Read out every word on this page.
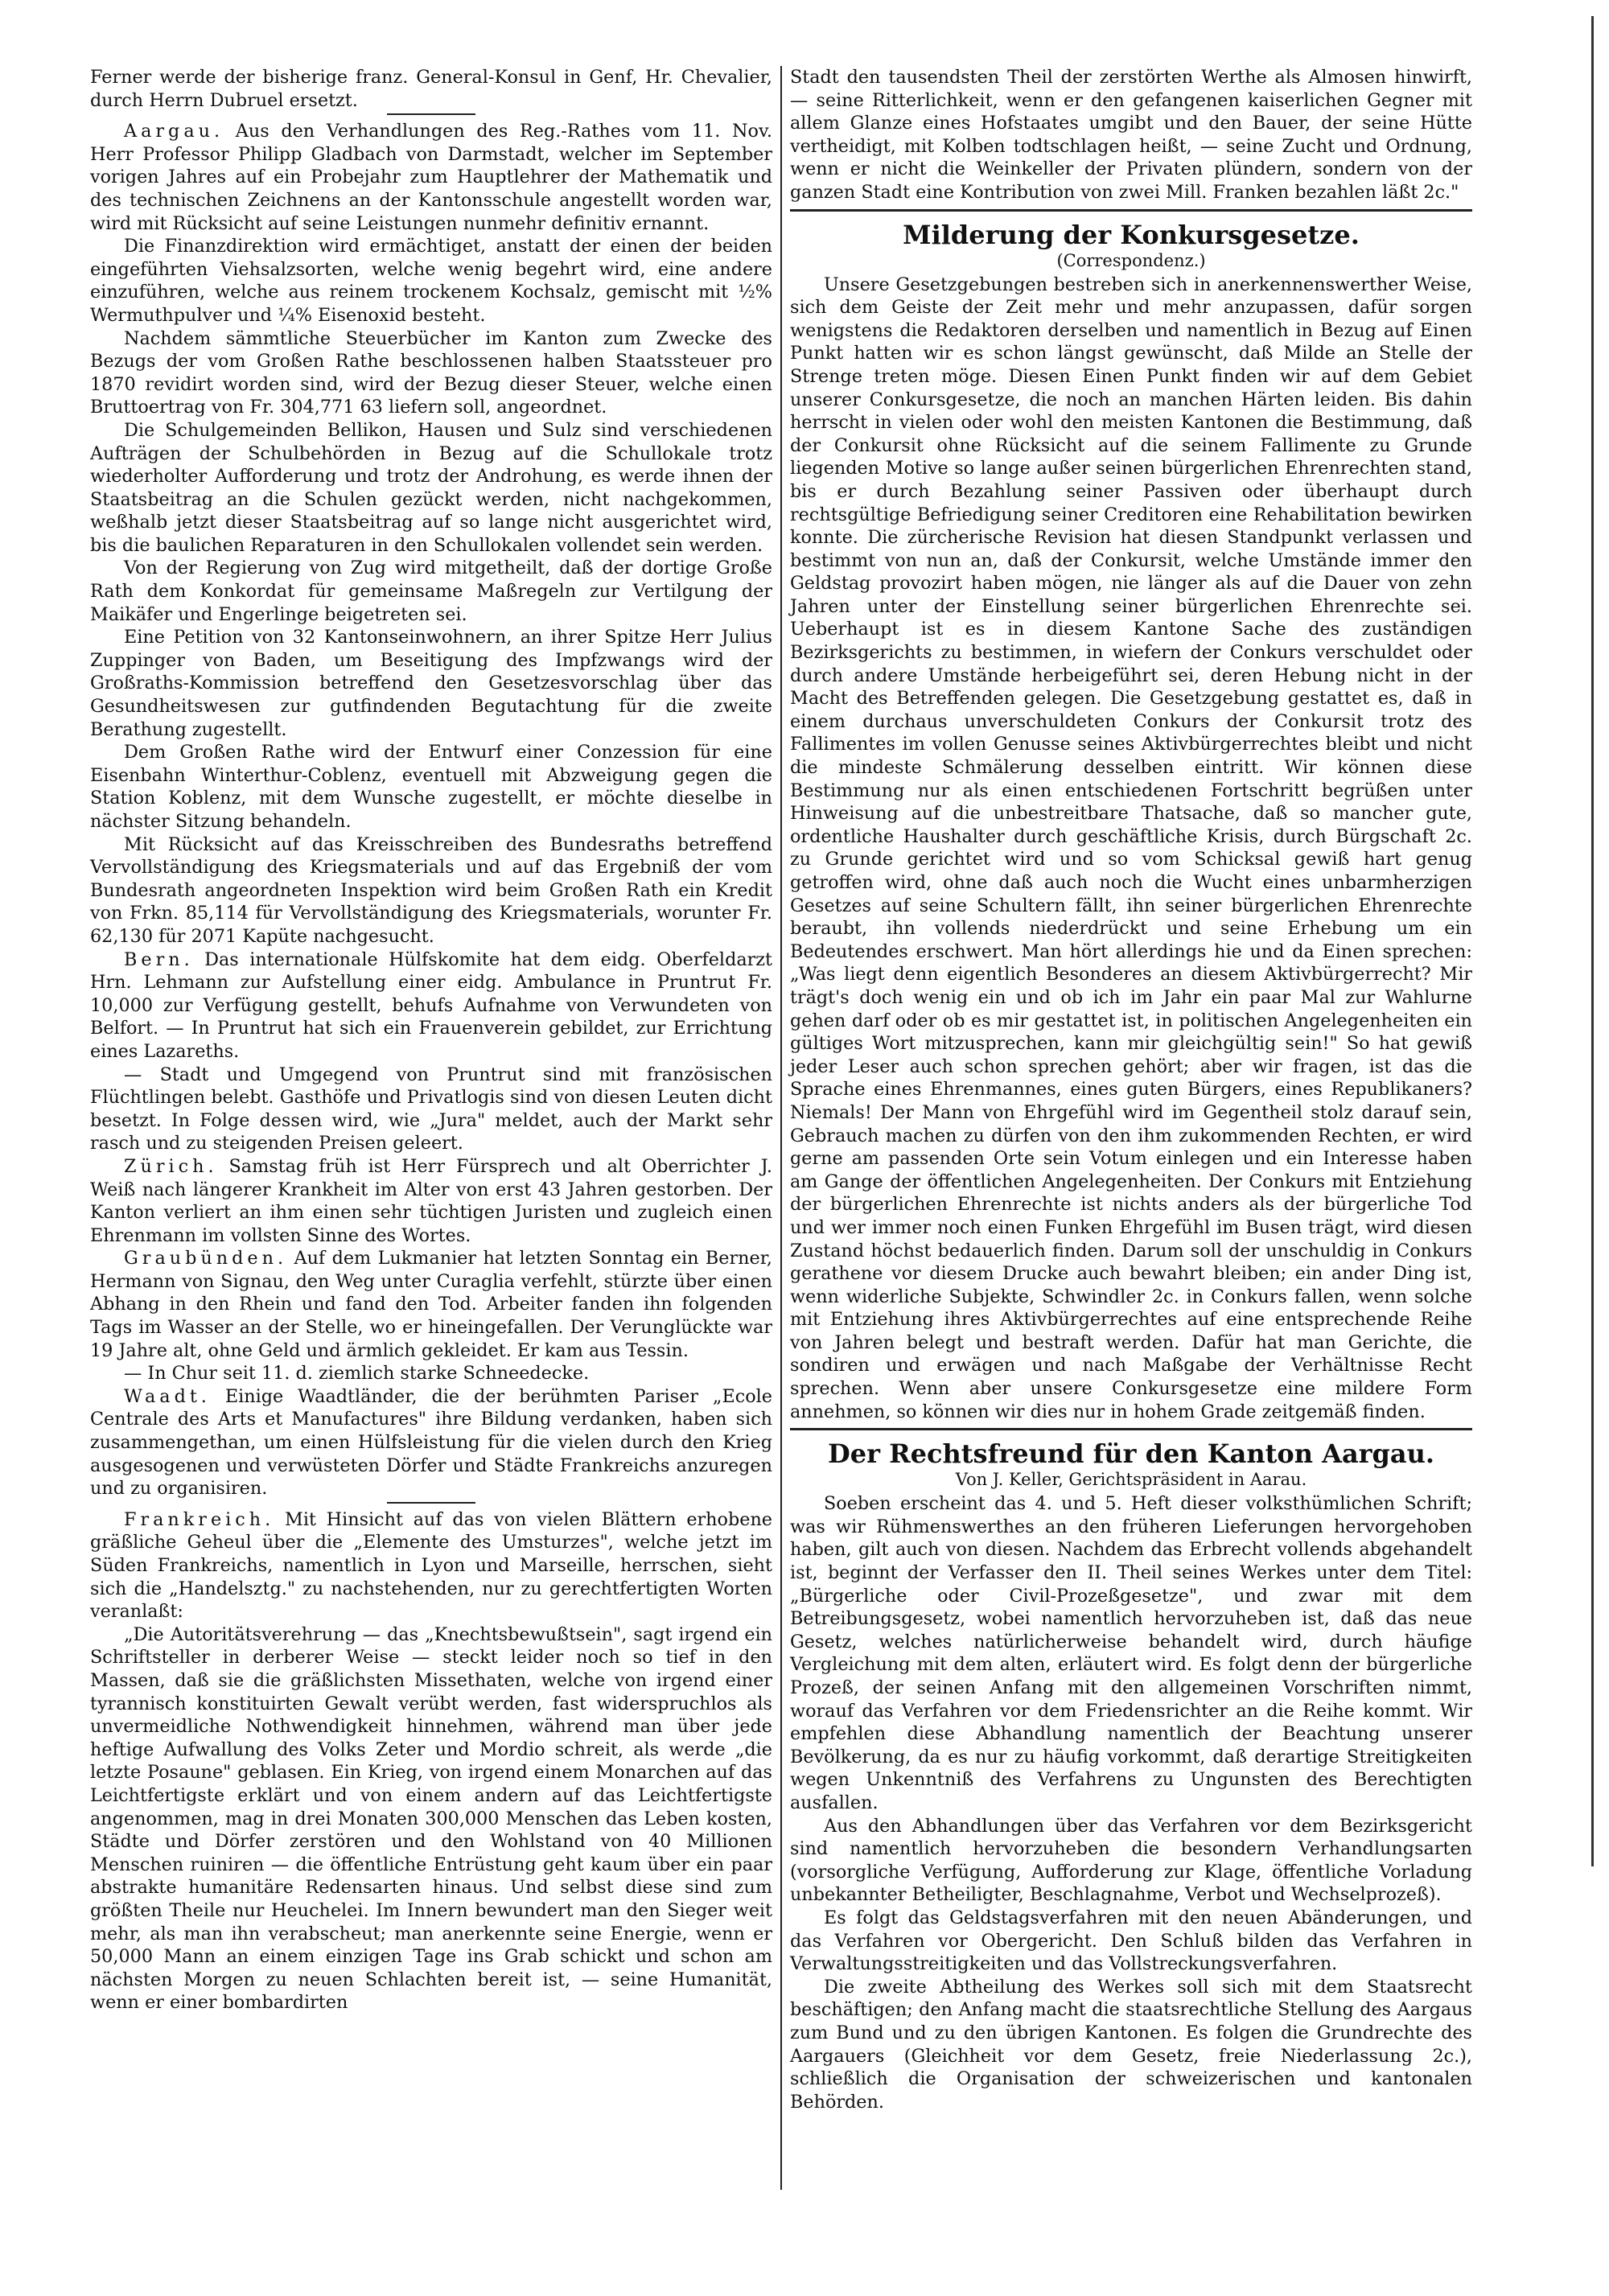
Ferner werde der bisherige franz. General-Konsul in Genf, Hr. Chevalier, durch Herrn Dubruel ersetzt.

Aargau. Aus den Verhandlungen des Reg.-Rathes vom 11. Nov. Herr Professor Philipp Gladbach von Darmstadt, welcher im September vorigen Jahres auf ein Probejahr zum Hauptlehrer der Mathematik und des technischen Zeichnens an der Kantonsschule angestellt worden war, wird mit Rücksicht auf seine Leistungen nunmehr definitiv ernannt.

Die Finanzdirektion wird ermächtiget, anstatt der einen der beiden eingeführten Viehsalzsorten, welche wenig begehrt wird, eine andere einzuführen, welche aus reinem trockenem Kochsalz, gemischt mit ½% Wermuthpulver und ¼% Eisenoxid besteht.

Nachdem sämmtliche Steuerbücher im Kanton zum Zwecke des Bezugs der vom Großen Rathe beschlossenen halben Staatssteuer pro 1870 revidirt worden sind, wird der Bezug dieser Steuer, welche einen Bruttoertrag von Fr. 304,771 63 liefern soll, angeordnet.

Die Schulgemeinden Bellikon, Hausen und Sulz sind verschiedenen Aufträgen der Schulbehörden in Bezug auf die Schullokale trotz wiederholter Aufforderung und trotz der Androhung, es werde ihnen der Staatsbeitrag an die Schulen gezückt werden, nicht nachgekommen, weßhalb jetzt dieser Staatsbeitrag auf so lange nicht ausgerichtet wird, bis die baulichen Reparaturen in den Schullokalen vollendet sein werden.

Von der Regierung von Zug wird mitgetheilt, daß der dortige Große Rath dem Konkordat für gemeinsame Maßregeln zur Vertilgung der Maikäfer und Engerlinge beigetreten sei.

Eine Petition von 32 Kantonseinwohnern, an ihrer Spitze Herr Julius Zuppinger von Baden, um Beseitigung des Impfzwangs wird der Großraths-Kommission betreffend den Gesetzesvorschlag über das Gesundheitswesen zur gutfindenden Begutachtung für die zweite Berathung zugestellt.

Dem Großen Rathe wird der Entwurf einer Conzession für eine Eisenbahn Winterthur-Coblenz, eventuell mit Abzweigung gegen die Station Koblenz, mit dem Wunsche zugestellt, er möchte dieselbe in nächster Sitzung behandeln.

Mit Rücksicht auf das Kreisschreiben des Bundesraths betreffend Vervollständigung des Kriegsmaterials und auf das Ergebniß der vom Bundesrath angeordneten Inspektion wird beim Großen Rath ein Kredit von Frkn. 85,114 für Vervollständigung des Kriegsmaterials, worunter Fr. 62,130 für 2071 Kapüte nachgesucht.

Bern. Das internationale Hülfskomite hat dem eidg. Oberfeldarzt Hrn. Lehmann zur Aufstellung einer eidg. Ambulance in Pruntrut Fr. 10,000 zur Verfügung gestellt, behufs Aufnahme von Verwundeten von Belfort. — In Pruntrut hat sich ein Frauenverein gebildet, zur Errichtung eines Lazareths.

— Stadt und Umgegend von Pruntrut sind mit französischen Flüchtlingen belebt. Gasthöfe und Privatlogis sind von diesen Leuten dicht besetzt. In Folge dessen wird, wie „Jura" meldet, auch der Markt sehr rasch und zu steigenden Preisen geleert.

Zürich. Samstag früh ist Herr Fürsprech und alt Oberrichter J. Weiß nach längerer Krankheit im Alter von erst 43 Jahren gestorben. Der Kanton verliert an ihm einen sehr tüchtigen Juristen und zugleich einen Ehrenmann im vollsten Sinne des Wortes.

Graubünden. Auf dem Lukmanier hat letzten Sonntag ein Berner, Hermann von Signau, den Weg unter Curaglia verfehlt, stürzte über einen Abhang in den Rhein und fand den Tod. Arbeiter fanden ihn folgenden Tags im Wasser an der Stelle, wo er hineingefallen. Der Verunglückte war 19 Jahre alt, ohne Geld und ärmlich gekleidet. Er kam aus Tessin.

— In Chur seit 11. d. ziemlich starke Schneedecke.

Waadt. Einige Waadtländer, die der berühmten Pariser „Ecole Centrale des Arts et Manufactures" ihre Bildung verdanken, haben sich zusammengethan, um einen Hülfsleistung für die vielen durch den Krieg ausgesogenen und verwüsteten Dörfer und Städte Frankreichs anzuregen und zu organisiren.

Frankreich. Mit Hinsicht auf das von vielen Blättern erhobene gräßliche Geheul über die „Elemente des Umsturzes", welche jetzt im Süden Frankreichs, namentlich in Lyon und Marseille, herrschen, sieht sich die „Handelsztg." zu nachstehenden, nur zu gerechtfertigten Worten veranlaßt:

„Die Autoritätsverehrung — das „Knechtsbewußtsein", sagt irgend ein Schriftsteller in derberer Weise — steckt leider noch so tief in den Massen, daß sie die gräßlichsten Missethaten, welche von irgend einer tyrannisch konstituirten Gewalt verübt werden, fast widerspruchlos als unvermeidliche Nothwendigkeit hinnehmen, während man über jede heftige Aufwallung des Volks Zeter und Mordio schreit, als werde „die letzte Posaune" geblasen. Ein Krieg, von irgend einem Monarchen auf das Leichtfertigste erklärt und von einem andern auf das Leichtfertigste angenommen, mag in drei Monaten 300,000 Menschen das Leben kosten, Städte und Dörfer zerstören und den Wohlstand von 40 Millionen Menschen ruiniren — die öffentliche Entrüstung geht kaum über ein paar abstrakte humanitäre Redensarten hinaus. Und selbst diese sind zum größten Theile nur Heuchelei. Im Innern bewundert man den Sieger weit mehr, als man ihn verabscheut; man anerkennte seine Energie, wenn er 50,000 Mann an einem einzigen Tage ins Grab schickt und schon am nächsten Morgen zu neuen Schlachten bereit ist, — seine Humanität, wenn er einer bombardirten

Stadt den tausendsten Theil der zerstörten Werthe als Almosen hinwirft, — seine Ritterlichkeit, wenn er den gefangenen kaiserlichen Gegner mit allem Glanze eines Hofstaates umgibt und den Bauer, der seine Hütte vertheidigt, mit Kolben todtschlagen heißt, — seine Zucht und Ordnung, wenn er nicht die Weinkeller der Privaten plündern, sondern von der ganzen Stadt eine Kontribution von zwei Mill. Franken bezahlen läßt 2c."

Milderung der Konkursgesetze.
(Correspondenz.)

Unsere Gesetzgebungen bestreben sich in anerkennenswerther Weise, sich dem Geiste der Zeit mehr und mehr anzupassen, dafür sorgen wenigstens die Redaktoren derselben und namentlich in Bezug auf Einen Punkt hatten wir es schon längst gewünscht, daß Milde an Stelle der Strenge treten möge. Diesen Einen Punkt finden wir auf dem Gebiet unserer Conkursgesetze, die noch an manchen Härten leiden. Bis dahin herrscht in vielen oder wohl den meisten Kantonen die Bestimmung, daß der Conkursit ohne Rücksicht auf die seinem Fallimente zu Grunde liegenden Motive so lange außer seinen bürgerlichen Ehrenrechten stand, bis er durch Bezahlung seiner Passiven oder überhaupt durch rechtsgültige Befriedigung seiner Creditoren eine Rehabilitation bewirken konnte. Die zürcherische Revision hat diesen Standpunkt verlassen und bestimmt von nun an, daß der Conkursit, welche Umstände immer den Geldstag provozirt haben mögen, nie länger als auf die Dauer von zehn Jahren unter der Einstellung seiner bürgerlichen Ehrenrechte sei. Ueberhaupt ist es in diesem Kantone Sache des zuständigen Bezirksgerichts zu bestimmen, in wiefern der Conkurs verschuldet oder durch andere Umstände herbeigeführt sei, deren Hebung nicht in der Macht des Betreffenden gelegen. Die Gesetzgebung gestattet es, daß in einem durchaus unverschuldeten Conkurs der Conkursit trotz des Fallimentes im vollen Genusse seines Aktivbürgerrechtes bleibt und nicht die mindeste Schmälerung desselben eintritt. Wir können diese Bestimmung nur als einen entschiedenen Fortschritt begrüßen unter Hinweisung auf die unbestreitbare Thatsache, daß so mancher gute, ordentliche Haushalter durch geschäftliche Krisis, durch Bürgschaft 2c. zu Grunde gerichtet wird und so vom Schicksal gewiß hart genug getroffen wird, ohne daß auch noch die Wucht eines unbarmherzigen Gesetzes auf seine Schultern fällt, ihn seiner bürgerlichen Ehrenrechte beraubt, ihn vollends niederdrückt und seine Erhebung um ein Bedeutendes erschwert. Man hört allerdings hie und da Einen sprechen: „Was liegt denn eigentlich Besonderes an diesem Aktivbürgerrecht? Mir trägt's doch wenig ein und ob ich im Jahr ein paar Mal zur Wahlurne gehen darf oder ob es mir gestattet ist, in politischen Angelegenheiten ein gültiges Wort mitzusprechen, kann mir gleichgültig sein!" So hat gewiß jeder Leser auch schon sprechen gehört; aber wir fragen, ist das die Sprache eines Ehrenmannes, eines guten Bürgers, eines Republikaners? Niemals! Der Mann von Ehrgefühl wird im Gegentheil stolz darauf sein, Gebrauch machen zu dürfen von den ihm zukommenden Rechten, er wird gerne am passenden Orte sein Votum einlegen und ein Interesse haben am Gange der öffentlichen Angelegenheiten. Der Conkurs mit Entziehung der bürgerlichen Ehrenrechte ist nichts anders als der bürgerliche Tod und wer immer noch einen Funken Ehrgefühl im Busen trägt, wird diesen Zustand höchst bedauerlich finden. Darum soll der unschuldig in Conkurs gerathene vor diesem Drucke auch bewahrt bleiben; ein ander Ding ist, wenn widerliche Subjekte, Schwindler 2c. in Conkurs fallen, wenn solche mit Entziehung ihres Aktivbürgerrechtes auf eine entsprechende Reihe von Jahren belegt und bestraft werden. Dafür hat man Gerichte, die sondiren und erwägen und nach Maßgabe der Verhältnisse Recht sprechen. Wenn aber unsere Conkursgesetze eine mildere Form annehmen, so können wir dies nur in hohem Grade zeitgemäß finden.

Der Rechtsfreund für den Kanton Aargau.
Von J. Keller, Gerichtspräsident in Aarau.

Soeben erscheint das 4. und 5. Heft dieser volksthümlichen Schrift; was wir Rühmenswerthes an den früheren Lieferungen hervorgehoben haben, gilt auch von diesen. Nachdem das Erbrecht vollends abgehandelt ist, beginnt der Verfasser den II. Theil seines Werkes unter dem Titel: „Bürgerliche oder Civil-Prozeßgesetze", und zwar mit dem Betreibungsgesetz, wobei namentlich hervorzuheben ist, daß das neue Gesetz, welches natürlicherweise behandelt wird, durch häufige Vergleichung mit dem alten, erläutert wird. Es folgt denn der bürgerliche Prozeß, der seinen Anfang mit den allgemeinen Vorschriften nimmt, worauf das Verfahren vor dem Friedensrichter an die Reihe kommt. Wir empfehlen diese Abhandlung namentlich der Beachtung unserer Bevölkerung, da es nur zu häufig vorkommt, daß derartige Streitigkeiten wegen Unkenntniß des Verfahrens zu Ungunsten des Berechtigten ausfallen.

Aus den Abhandlungen über das Verfahren vor dem Bezirksgericht sind namentlich hervorzuheben die besondern Verhandlungsarten (vorsorgliche Verfügung, Aufforderung zur Klage, öffentliche Vorladung unbekannter Betheiligter, Beschlagnahme, Verbot und Wechselprozeß).

Es folgt das Geldstagsverfahren mit den neuen Abänderungen, und das Verfahren vor Obergericht. Den Schluß bilden das Verfahren in Verwaltungsstreitigkeiten und das Vollstreckungsverfahren.

Die zweite Abtheilung des Werkes soll sich mit dem Staatsrecht beschäftigen; den Anfang macht die staatsrechtliche Stellung des Aargaus zum Bund und zu den übrigen Kantonen. Es folgen die Grundrechte des Aargauers (Gleichheit vor dem Gesetz, freie Niederlassung 2c.), schließlich die Organisation der schweizerischen und kantonalen Behörden.
